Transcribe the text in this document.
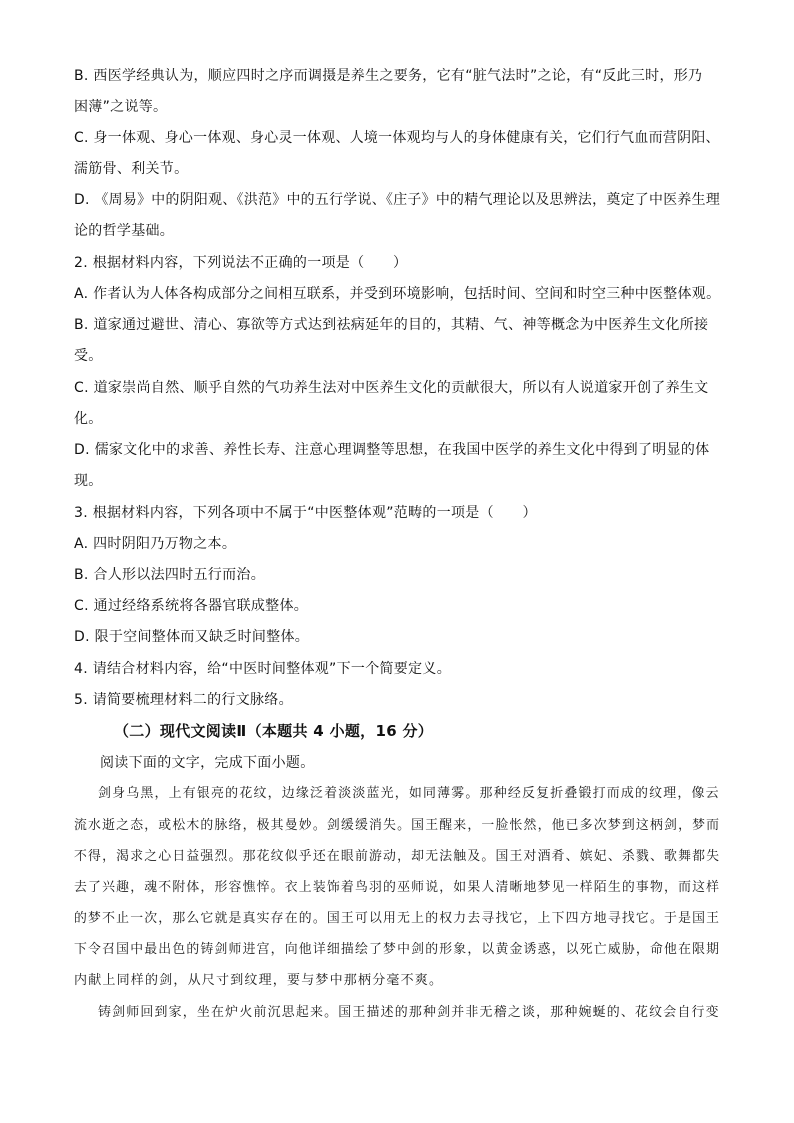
B. 西医学经典认为，顺应四时之序而调摄是养生之要务，它有“脏气法时”之论，有“反此三时，形乃
困薄”之说等。
C. 身一体观、身心一体观、身心灵一体观、人境一体观均与人的身体健康有关，它们行气血而营阴阳、
濡筋骨、利关节。
D. 《周易》中的阴阳观、《洪范》中的五行学说、《庄子》中的精气理论以及思辨法，奠定了中医养生理
论的哲学基础。
2. 根据材料内容，下列说法不正确的一项是（　　）
A. 作者认为人体各构成部分之间相互联系，并受到环境影响，包括时间、空间和时空三种中医整体观。
B. 道家通过避世、清心、寡欲等方式达到祛病延年的目的，其精、气、神等概念为中医养生文化所接
受。
C. 道家崇尚自然、顺乎自然的气功养生法对中医养生文化的贡献很大，所以有人说道家开创了养生文
化。
D. 儒家文化中的求善、养性长寿、注意心理调整等思想，在我国中医学的养生文化中得到了明显的体
现。
3. 根据材料内容，下列各项中不属于“中医整体观”范畴的一项是（　　）
A. 四时阴阳乃万物之本。
B. 合人形以法四时五行而治。
C. 通过经络系统将各器官联成整体。
D. 限于空间整体而又缺乏时间整体。
4. 请结合材料内容，给“中医时间整体观”下一个简要定义。
5. 请简要梳理材料二的行文脉络。
（二）现代文阅读Ⅱ（本题共 4 小题，16 分）
阅读下面的文字，完成下面小题。
剑身乌黑，上有银亮的花纹，边缘泛着淡淡蓝光，如同薄雾。那种经反复折叠锻打而成的纹理，像云
流水逝之态，或松木的脉络，极其曼妙。剑缓缓消失。国王醒来，一脸怅然，他已多次梦到这柄剑，梦而
不得，渴求之心日益强烈。那花纹似乎还在眼前游动，却无法触及。国王对酒肴、嫔妃、杀戮、歌舞都失
去了兴趣，魂不附体，形容憔悴。衣上装饰着鸟羽的巫师说，如果人清晰地梦见一样陌生的事物，而这样
的梦不止一次，那么它就是真实存在的。国王可以用无上的权力去寻找它，上下四方地寻找它。于是国王
下令召国中最出色的铸剑师进宫，向他详细描绘了梦中剑的形象，以黄金诱惑，以死亡威胁，命他在限期
内献上同样的剑，从尺寸到纹理，要与梦中那柄分毫不爽。
铸剑师回到家，坐在炉火前沉思起来。国王描述的那种剑并非无稽之谈，那种婉蜒的、花纹会自行变
